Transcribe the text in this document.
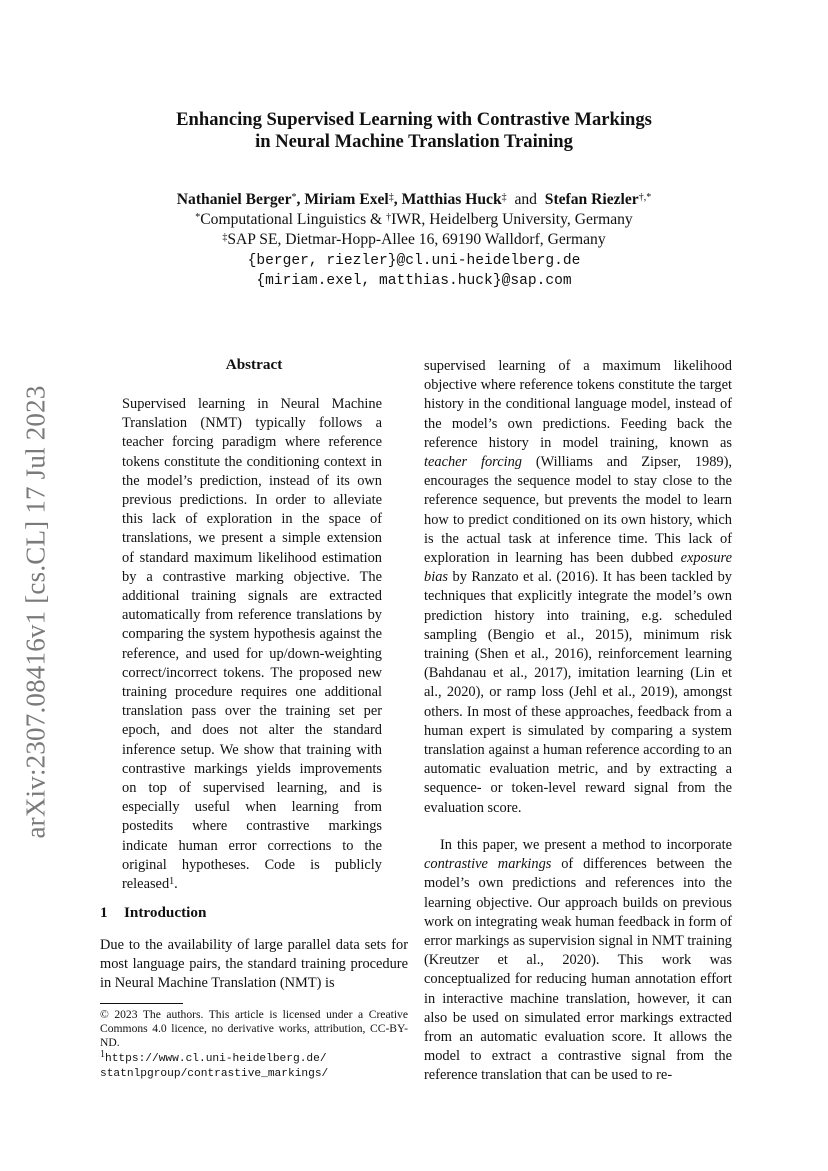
arXiv:2307.08416v1 [cs.CL] 17 Jul 2023
Enhancing Supervised Learning with Contrastive Markings
in Neural Machine Translation Training
Nathaniel Berger*, Miriam Exel‡, Matthias Huck‡ and Stefan Riezler†,*
*Computational Linguistics & †IWR, Heidelberg University, Germany
‡SAP SE, Dietmar-Hopp-Allee 16, 69190 Walldorf, Germany
{berger, riezler}@cl.uni-heidelberg.de
{miriam.exel, matthias.huck}@sap.com
Abstract

Supervised learning in Neural Machine Translation (NMT) typically follows a teacher forcing paradigm where reference tokens constitute the conditioning context in the model’s prediction, instead of its own previous predictions. In order to alleviate this lack of exploration in the space of translations, we present a simple extension of standard maximum likelihood estimation by a contrastive marking objective. The additional training signals are extracted automatically from reference translations by comparing the system hypothesis against the reference, and used for up/down-weighting correct/incorrect tokens. The proposed new training procedure requires one additional translation pass over the training set per epoch, and does not alter the standard inference setup. We show that training with contrastive markings yields improvements on top of supervised learning, and is especially useful when learning from postedits where contrastive markings indicate human error corrections to the original hypotheses. Code is publicly released$^1$.

1 Introduction

Due to the availability of large parallel data sets for most language pairs, the standard training procedure in Neural Machine Translation (NMT) is

© 2023 The authors. This article is licensed under a Creative Commons 4.0 licence, no derivative works, attribution, CC-BY-ND.

$^1$https://www.cl.uni-heidelberg.de/
statnlpgroup/contrastive_markings/

supervised learning of a maximum likelihood objective where reference tokens constitute the target history in the conditional language model, instead of the model’s own predictions. Feeding back the reference history in model training, known as teacher forcing (Williams and Zipser, 1989), encourages the sequence model to stay close to the reference sequence, but prevents the model to learn how to predict conditioned on its own history, which is the actual task at inference time. This lack of exploration in learning has been dubbed exposure bias by Ranzato et al. (2016). It has been tackled by techniques that explicitly integrate the model’s own prediction history into training, e.g. scheduled sampling (Bengio et al., 2015), minimum risk training (Shen et al., 2016), reinforcement learning (Bahdanau et al., 2017), imitation learning (Lin et al., 2020), or ramp loss (Jehl et al., 2019), amongst others. In most of these approaches, feedback from a human expert is simulated by comparing a system translation against a human reference according to an automatic evaluation metric, and by extracting a sequence- or token-level reward signal from the evaluation score.

In this paper, we present a method to incorporate contrastive markings of differences between the model’s own predictions and references into the learning objective. Our approach builds on previous work on integrating weak human feedback in form of error markings as supervision signal in NMT training (Kreutzer et al., 2020). This work was conceptualized for reducing human annotation effort in interactive machine translation, however, it can also be used on simulated error markings extracted from an automatic evaluation score. It allows the model to extract a contrastive signal from the reference translation that can be used to re-
